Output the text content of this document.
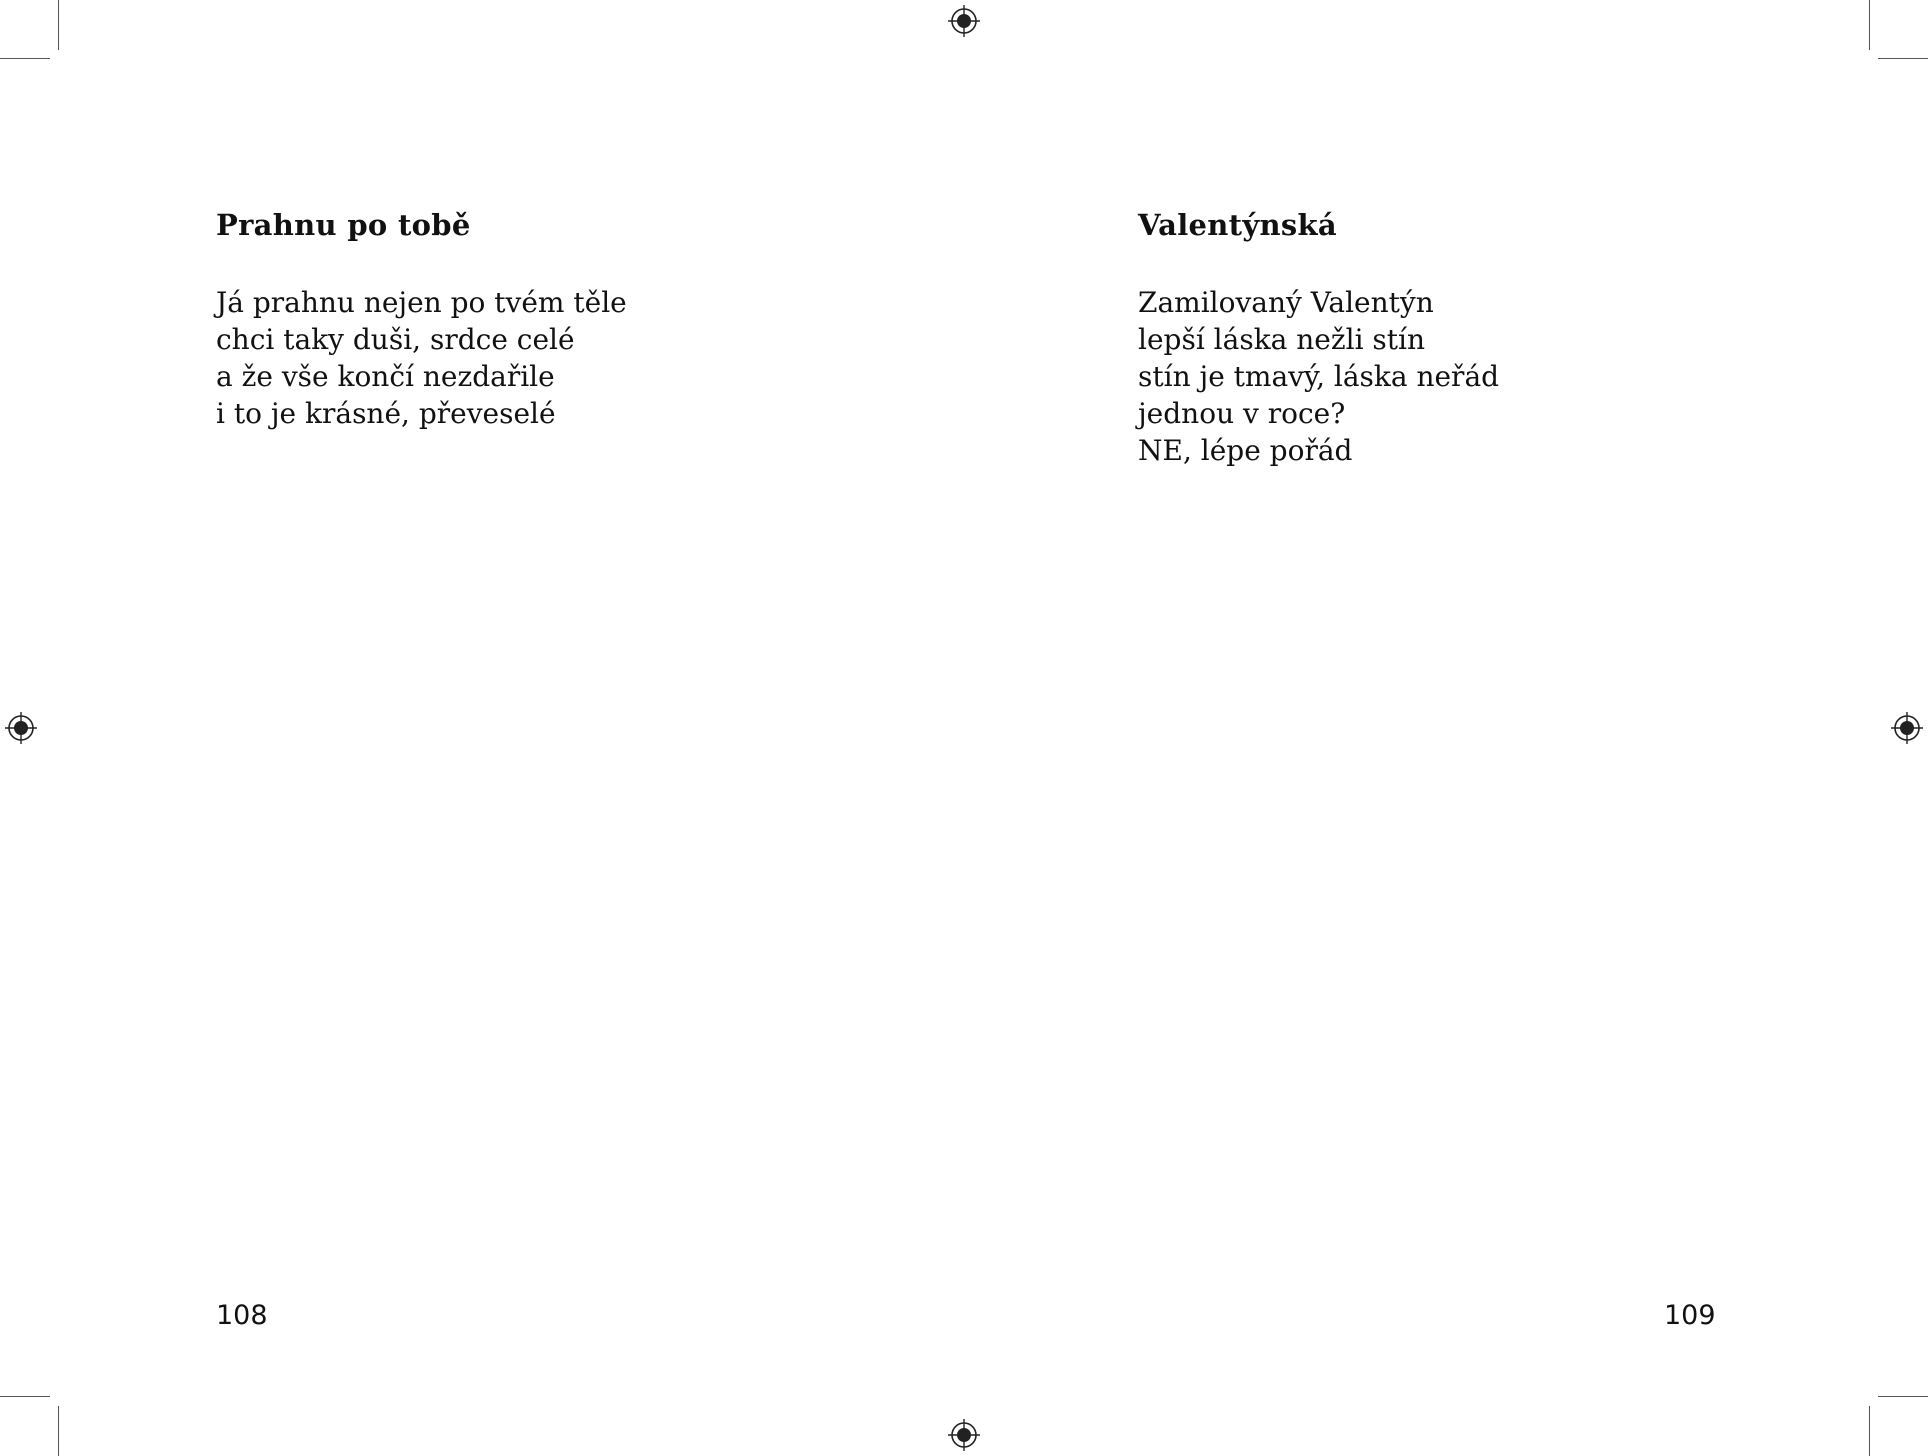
Prahnu po tobě
Já prahnu nejen po tvém těle
chci taky duši, srdce celé
a že vše končí nezdařile
i to je krásné, převeselé
108
Valentýnská
Zamilovaný Valentýn
lepší láska nežli stín
stín je tmavý, láska neřád
jednou v roce?
NE, lépe pořád
109
